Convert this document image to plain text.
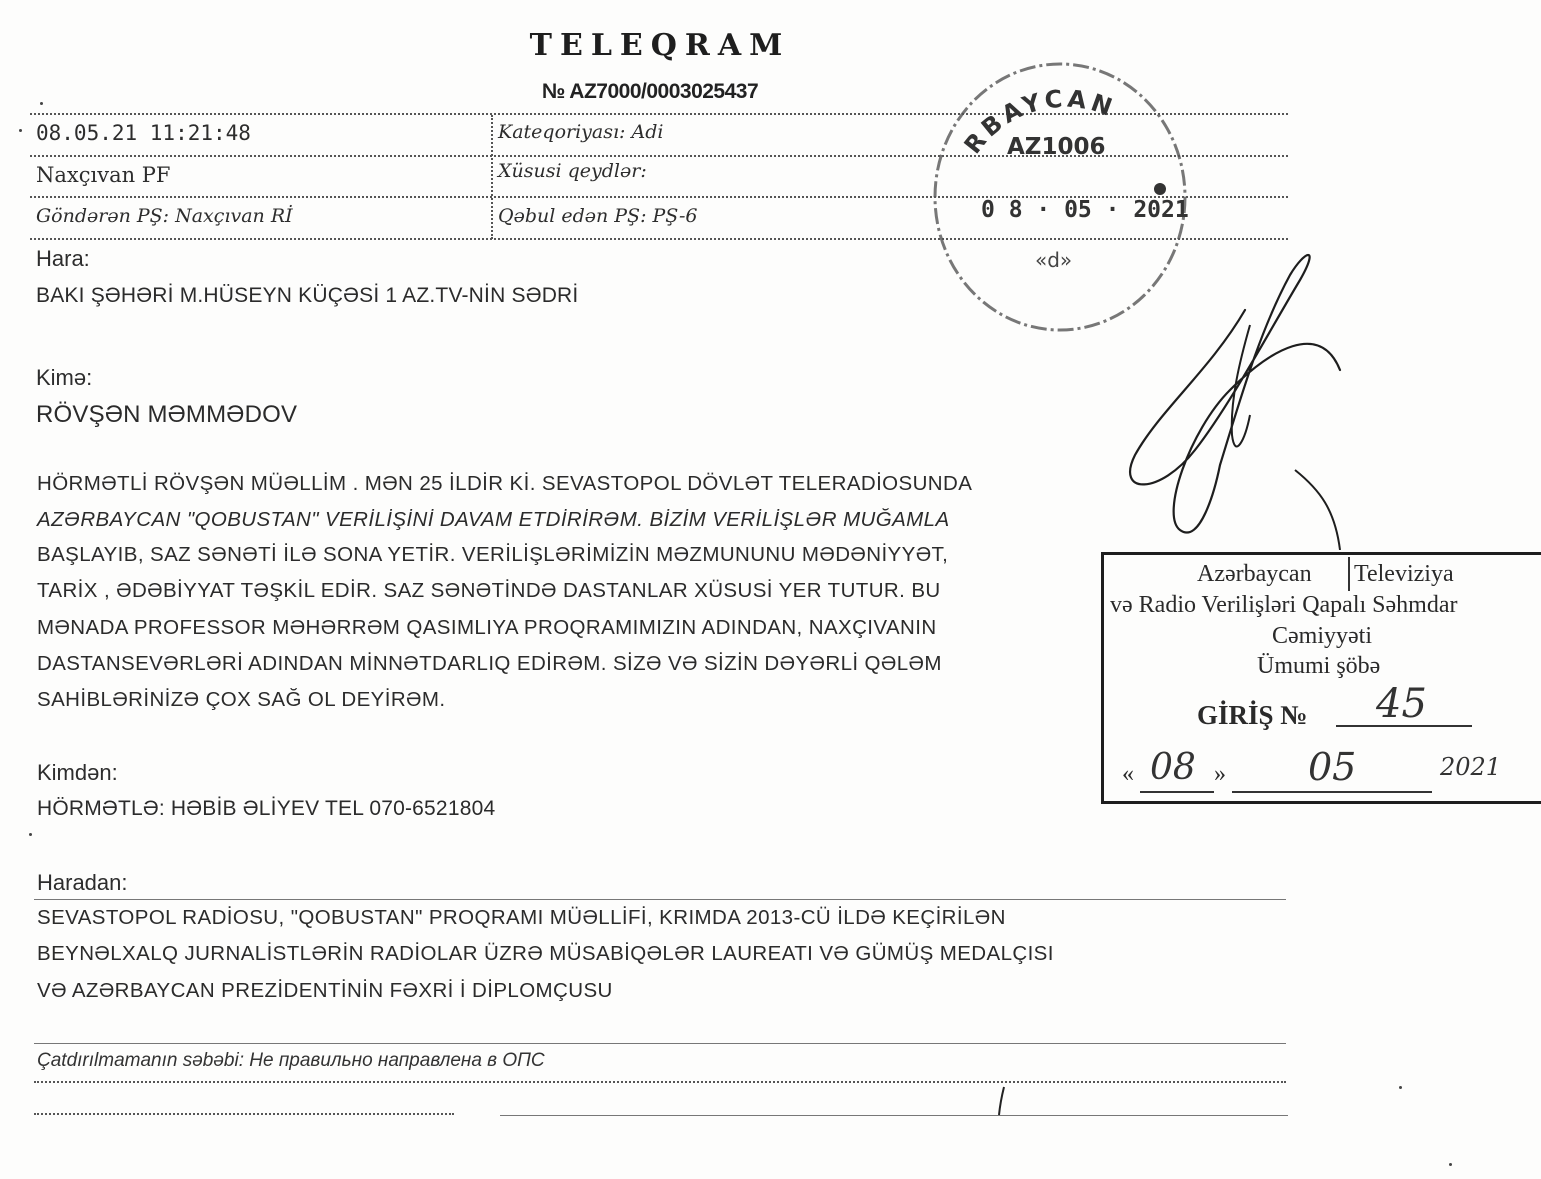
TELEQRAM
№ AZ7000/0003025437
08.05.21 11:21:48	Kateqoriyası: Adi
Naxçıvan PF	Xüsusi qeydlər:
Göndərən PŞ: Naxçıvan Rİ	Qəbul edən PŞ: PŞ-6
RBAYCAN
AZ1006
0 8 · 05 · 2021
«d»
Hara:
BAKI ŞƏHƏRİ M.HÜSEYN KÜÇƏSİ 1 AZ.TV-NİN SƏDRİ
Kimə:
RÖVŞƏN MƏMMƏDOV
HÖRMƏTLİ RÖVŞƏN MÜƏLLİM . MƏN 25 İLDİR Kİ. SEVASTOPOL DÖVLƏT TELERADİOSUNDA
AZƏRBAYCAN "QOBUSTAN" VERİLİŞİNİ DAVAM ETDİRİRƏM. BİZİM VERİLİŞLƏR MUĞAMLA
BAŞLAYIB, SAZ SƏNƏTİ İLƏ SONA YETİR. VERİLİŞLƏRİMİZİN MƏZMUNUNU MƏDƏNİYYƏT,
TARİX , ƏDƏBİYYAT TƏŞKİL EDİR. SAZ SƏNƏTİNDƏ DASTANLAR XÜSUSİ YER TUTUR. BU
MƏNADA PROFESSOR MƏHƏRRƏM QASIMLIYA PROQRAMIMIZIN ADINDAN, NAXÇIVANIN
DASTANSEVƏRLƏRİ ADINDAN MİNNƏTDARLIQ EDİRƏM. SİZƏ VƏ SİZİN DƏYƏRLİ QƏLƏM
SAHİBLƏRİNİZƏ ÇOX SAĞ OL DEYİRƏM.
Kimdən:
HÖRMƏTLƏ: HƏBİB ƏLİYEV TEL 070-6521804
Haradan:
SEVASTOPOL RADİOSU, "QOBUSTAN" PROQRAMI MÜƏLLİFİ, KRIMDA 2013-CÜ İLDƏ KEÇİRİLƏN
BEYNƏLXALQ JURNALİSTLƏRİN RADİOLAR ÜZRƏ MÜSABİQƏLƏR LAUREATI VƏ GÜMÜŞ MEDALÇISI
VƏ AZƏRBAYCAN PREZİDENTİNİN FƏXRİ İ DİPLOMÇUSU
Çatdırılmamanın səbəbi: Не правильно направлена в ОПС
Azərbaycan Televiziya
və Radio Verilişləri Qapalı Səhmdar
Cəmiyyəti
Ümumi şöbə
GİRİŞ № 45
« 08 » 05	2021
